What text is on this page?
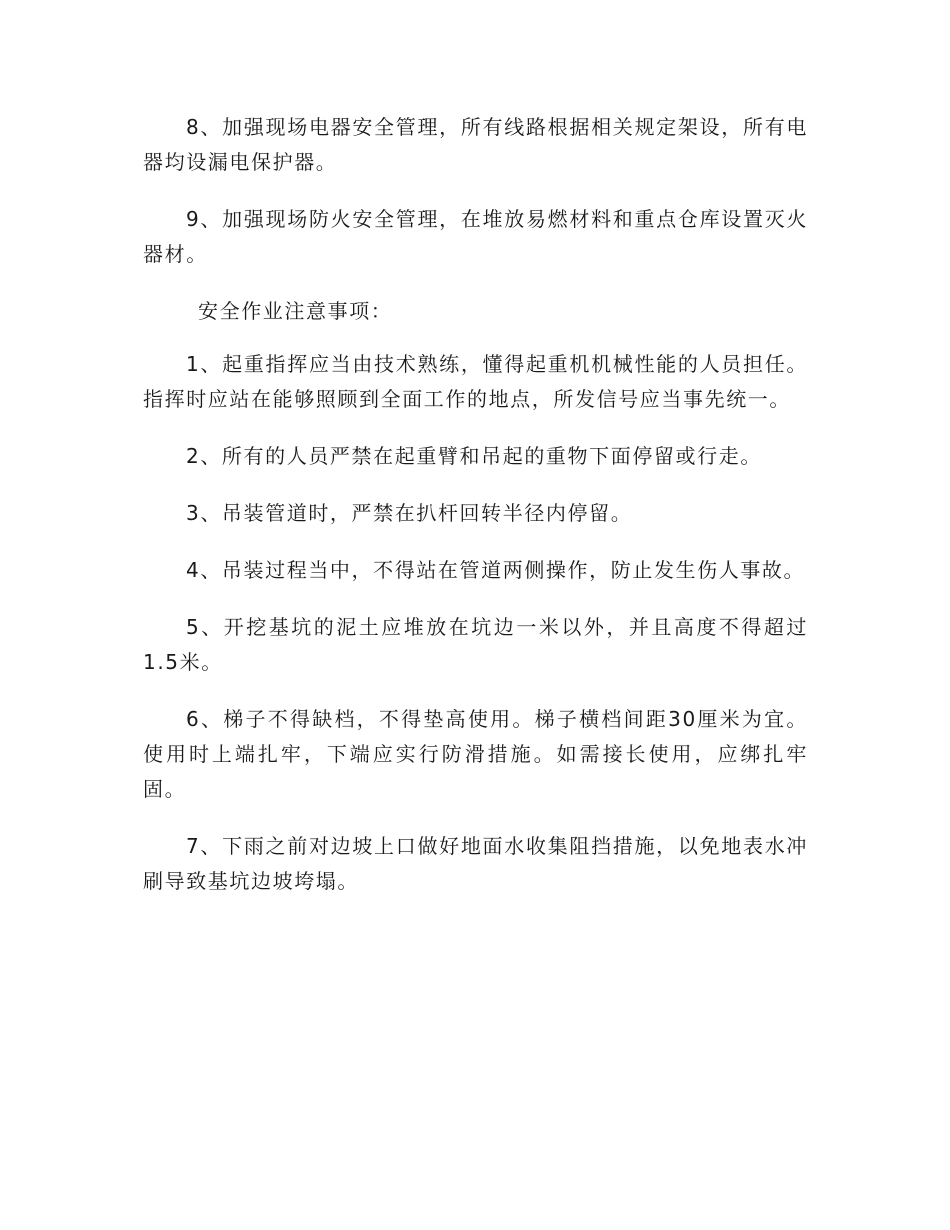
8、加强现场电器安全管理，所有线路根据相关规定架设，所有电器均设漏电保护器。

9、加强现场防火安全管理，在堆放易燃材料和重点仓库设置灭火器材。

安全作业注意事项：

1、起重指挥应当由技术熟练，懂得起重机机械性能的人员担任。指挥时应站在能够照顾到全面工作的地点，所发信号应当事先统一。

2、所有的人员严禁在起重臂和吊起的重物下面停留或行走。

3、吊装管道时，严禁在扒杆回转半径内停留。

4、吊装过程当中，不得站在管道两侧操作，防止发生伤人事故。

5、开挖基坑的泥土应堆放在坑边一米以外，并且高度不得超过1.5米。

6、梯子不得缺档，不得垫高使用。梯子横档间距30厘米为宜。使用时上端扎牢，下端应实行防滑措施。如需接长使用，应绑扎牢固。

7、下雨之前对边坡上口做好地面水收集阻挡措施，以免地表水冲刷导致基坑边坡垮塌。
